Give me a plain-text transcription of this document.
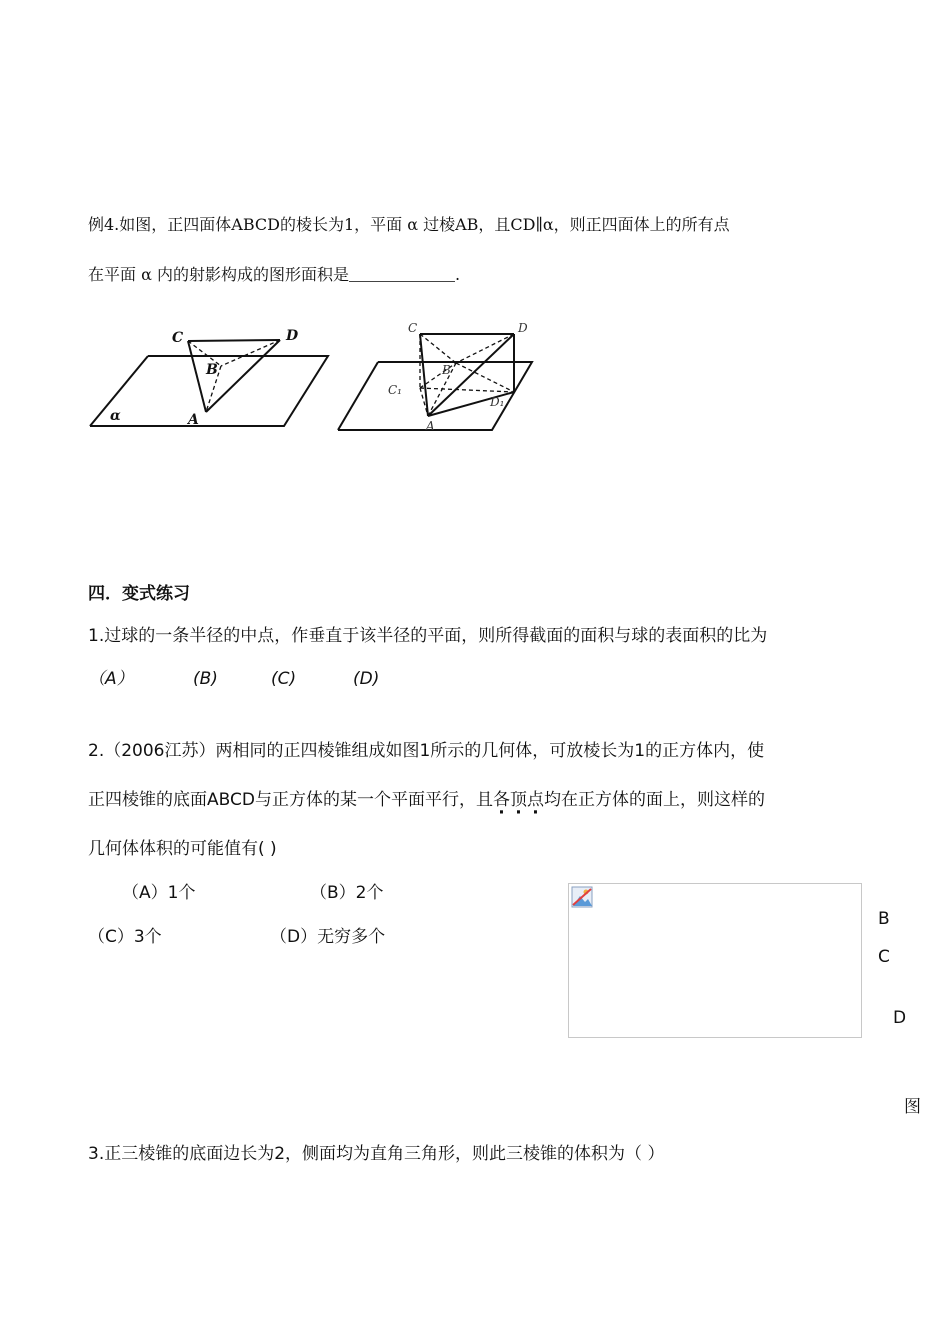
例4.如图，正四面体ABCD的棱长为1，平面 α 过棱AB，且CD∥α，则正四面体上的所有点
在平面 α 内的射影构成的图形面积是	.
C	D
B
A
α
C	D
B
A
C₁
D₁
四．变式练习
1.过球的一条半径的中点，作垂直于该半径的平面，则所得截面的面积与球的表面积的比为
（A）	(B)	(C)	(D)
2.（2006江苏）两相同的正四棱锥组成如图1所示的几何体，可放棱长为1的正方体内，使
正四棱锥的底面ABCD与正方体的某一个平面平行，且各顶点均在正方体的面上，则这样的
几何体体积的可能值有( )
（A）1个	（B）2个
（C）3个	（D）无穷多个
B
C
D
图
3.正三棱锥的底面边长为2，侧面均为直角三角形，则此三棱锥的体积为（ ）
